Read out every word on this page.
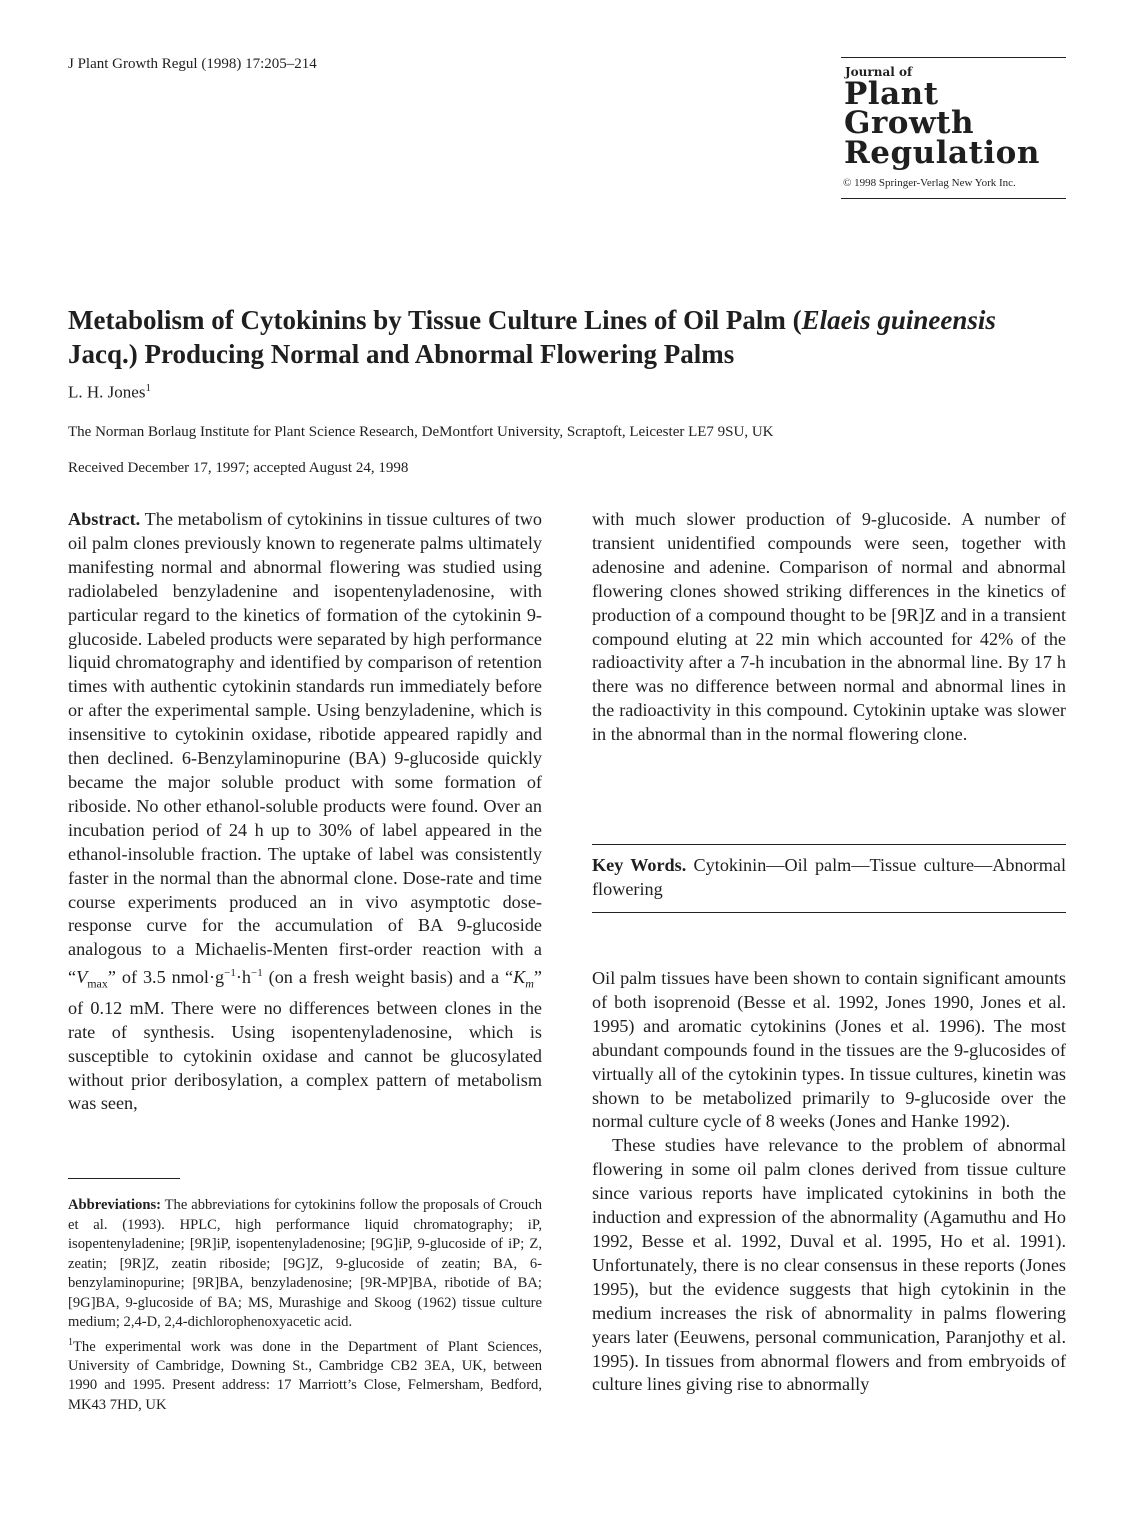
J Plant Growth Regul (1998) 17:205–214	Journal of
Plant
Growth
Regulation
© 1998 Springer-Verlag New York Inc.
Metabolism of Cytokinins by Tissue Culture Lines of Oil Palm (Elaeis guineensis Jacq.) Producing Normal and Abnormal Flowering Palms
L. H. Jones$^1$
The Norman Borlaug Institute for Plant Science Research, DeMontfort University, Scraptoft, Leicester LE7 9SU, UK
Received December 17, 1997; accepted August 24, 1998
Abstract. The metabolism of cytokinins in tissue cultures of two oil palm clones previously known to regenerate palms ultimately manifesting normal and abnormal flowering was studied using radiolabeled benzyladenine and isopentenyladenosine, with particular regard to the kinetics of formation of the cytokinin 9-glucoside. Labeled products were separated by high performance liquid chromatography and identified by comparison of retention times with authentic cytokinin standards run immediately before or after the experimental sample. Using benzyladenine, which is insensitive to cytokinin oxidase, ribotide appeared rapidly and then declined. 6-Benzylaminopurine (BA) 9-glucoside quickly became the major soluble product with some formation of riboside. No other ethanol-soluble products were found. Over an incubation period of 24 h up to 30% of label appeared in the ethanol-insoluble fraction. The uptake of label was consistently faster in the normal than the abnormal clone. Dose-rate and time course experiments produced an in vivo asymptotic dose-response curve for the accumulation of BA 9-glucoside analogous to a Michaelis-Menten first-order reaction with a “$V_{max}$” of 3.5 $nmol\cdot g^{-1}\cdot h^{-1}$ (on a fresh weight basis) and a “$K_m$” of 0.12 mM. There were no differences between clones in the rate of synthesis. Using isopentenyladenosine, which is susceptible to cytokinin oxidase and cannot be glucosylated without prior deribosylation, a complex pattern of metabolism was seen,
with much slower production of 9-glucoside. A number of transient unidentified compounds were seen, together with adenosine and adenine. Comparison of normal and abnormal flowering clones showed striking differences in the kinetics of production of a compound thought to be [9R]Z and in a transient compound eluting at 22 min which accounted for 42% of the radioactivity after a 7-h incubation in the abnormal line. By 17 h there was no difference between normal and abnormal lines in the radioactivity in this compound. Cytokinin uptake was slower in the abnormal than in the normal flowering clone.
Key Words. Cytokinin—Oil palm—Tissue culture—Abnormal flowering

Abbreviations: The abbreviations for cytokinins follow the proposals of Crouch et al. (1993). HPLC, high performance liquid chromatography; iP, isopentenyladenine; [9R]iP, isopentenyladenosine; [9G]iP, 9-glucoside of iP; Z, zeatin; [9R]Z, zeatin riboside; [9G]Z, 9-glucoside of zeatin; BA, 6-benzylaminopurine; [9R]BA, benzyladenosine; [9R-MP]BA, ribotide of BA; [9G]BA, 9-glucoside of BA; MS, Murashige and Skoog (1962) tissue culture medium; 2,4-D, 2,4-dichlorophenoxyacetic acid.

$^1$The experimental work was done in the Department of Plant Sciences, University of Cambridge, Downing St., Cambridge CB2 3EA, UK, between 1990 and 1995. Present address: 17 Marriott’s Close, Felmersham, Bedford, MK43 7HD, UK

Oil palm tissues have been shown to contain significant amounts of both isoprenoid (Besse et al. 1992, Jones 1990, Jones et al. 1995) and aromatic cytokinins (Jones et al. 1996). The most abundant compounds found in the tissues are the 9-glucosides of virtually all of the cytokinin types. In tissue cultures, kinetin was shown to be metabolized primarily to 9-glucoside over the normal culture cycle of 8 weeks (Jones and Hanke 1992).

These studies have relevance to the problem of abnormal flowering in some oil palm clones derived from tissue culture since various reports have implicated cytokinins in both the induction and expression of the abnormality (Agamuthu and Ho 1992, Besse et al. 1992, Duval et al. 1995, Ho et al. 1991). Unfortunately, there is no clear consensus in these reports (Jones 1995), but the evidence suggests that high cytokinin in the medium increases the risk of abnormality in palms flowering years later (Eeuwens, personal communication, Paranjothy et al. 1995). In tissues from abnormal flowers and from embryoids of culture lines giving rise to abnormally
